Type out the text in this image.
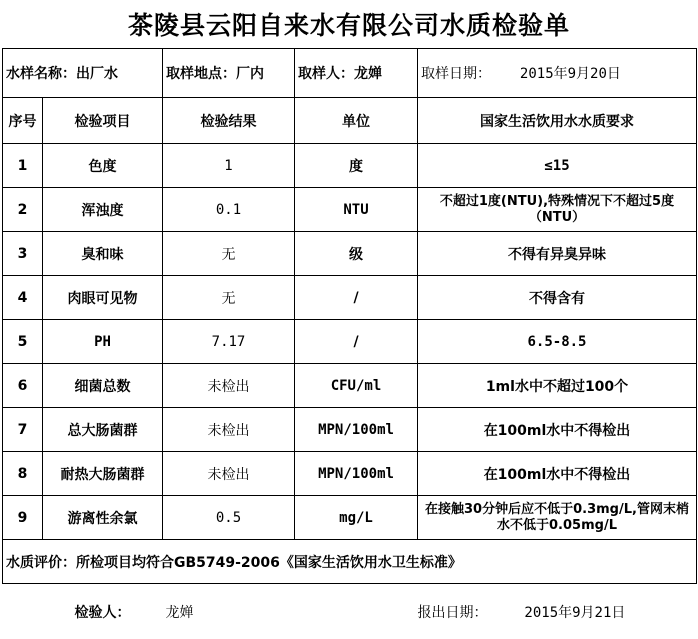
茶陵县云阳自来水有限公司水质检验单
水样名称：出厂水		取样地点：厂内	取样人：龙婵	取样日期： 2015年9月20日
序号	检验项目	检验结果	单位	国家生活饮用水水质要求
1	色度	1	度	≤15
2	浑浊度	0.1	NTU	不超过1度(NTU),特殊情况下不超过5度（NTU）
3	臭和味	无	级	不得有异臭异味
4	肉眼可见物	无	/	不得含有
5	PH	7.17	/	6.5-8.5
6	细菌总数	未检出	CFU/ml	1ml水中不超过100个
7	总大肠菌群	未检出	MPN/100ml	在100ml水中不得检出
8	耐热大肠菌群	未检出	MPN/100ml	在100ml水中不得检出
9	游离性余氯	0.5	mg/L	在接触30分钟后应不低于0.3mg/L,管网末梢水不低于0.05mg/L
水质评价：所检项目均符合GB5749-2006《国家生活饮用水卫生标准》				
	检验人：	龙婵		报出日期： 2015年9月21日
